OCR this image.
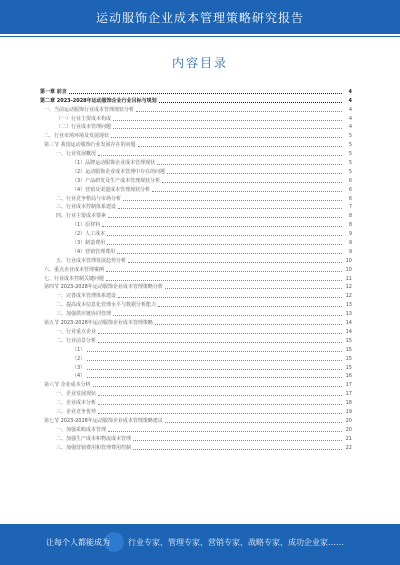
运动服饰企业成本管理策略研究报告
内容目录
第一章 前言	4
第二章 2023-2028年运动服饰企业行业目标与规划	4
一、当前运动服饰行业成本管理现状分析	4
（一）行业主要成本构成	4
（二）行业成本管理问题	4
二、行业市场环境及发展现状	5
第三节 我国运动服饰行业发展存在的问题	5
一、行业发展概况	5
（1）品牌运动服饰企业成本管理现状	5
（2）运动服饰企业成本管理中存在的问题	5
（3）产品研发及生产成本管理现状分析	6
（4）营销及渠道成本管理现状分析	6
二、行业竞争格局与市场分析	6
三、行业成本控制体系建设	7
四、行业主要成本要素	8
（1）原材料	8
（2）人工成本	9
（3）制造费用	9
（4）营销管理费用	9
五、行业成本管理发展趋势分析	10
六、重点企业成本管理案例	10
七、行业成本控制关键问题	11
第四节 2023-2028年运动服饰企业成本管理策略分析	12
一、完善成本管理体系建设	12
二、提高成本信息化管理水平与数据分析能力	13
三、加强供应链协同管理	13
第五节 2023-2028年运动服饰企业成本管理策略	14
一、行业重点企业	14
二、行业前景分析	15
（1）	15
（2）	15
（3）	15
（4）	16
第六节 企业成本分析	17
一、企业发展现状	17
二、企业成本分析	18
三、企业竞争优势	19
第七节 2023-2028年运动服饰企业成本管理策略建议	20
一、加强采购成本管理	20
二、加强生产成本和物流成本管理	21
三、加强营销费用和管理费用控制	22
让每个人都能成为 行业专家、管理专家、营销专家、战略专家、成功企业家……
